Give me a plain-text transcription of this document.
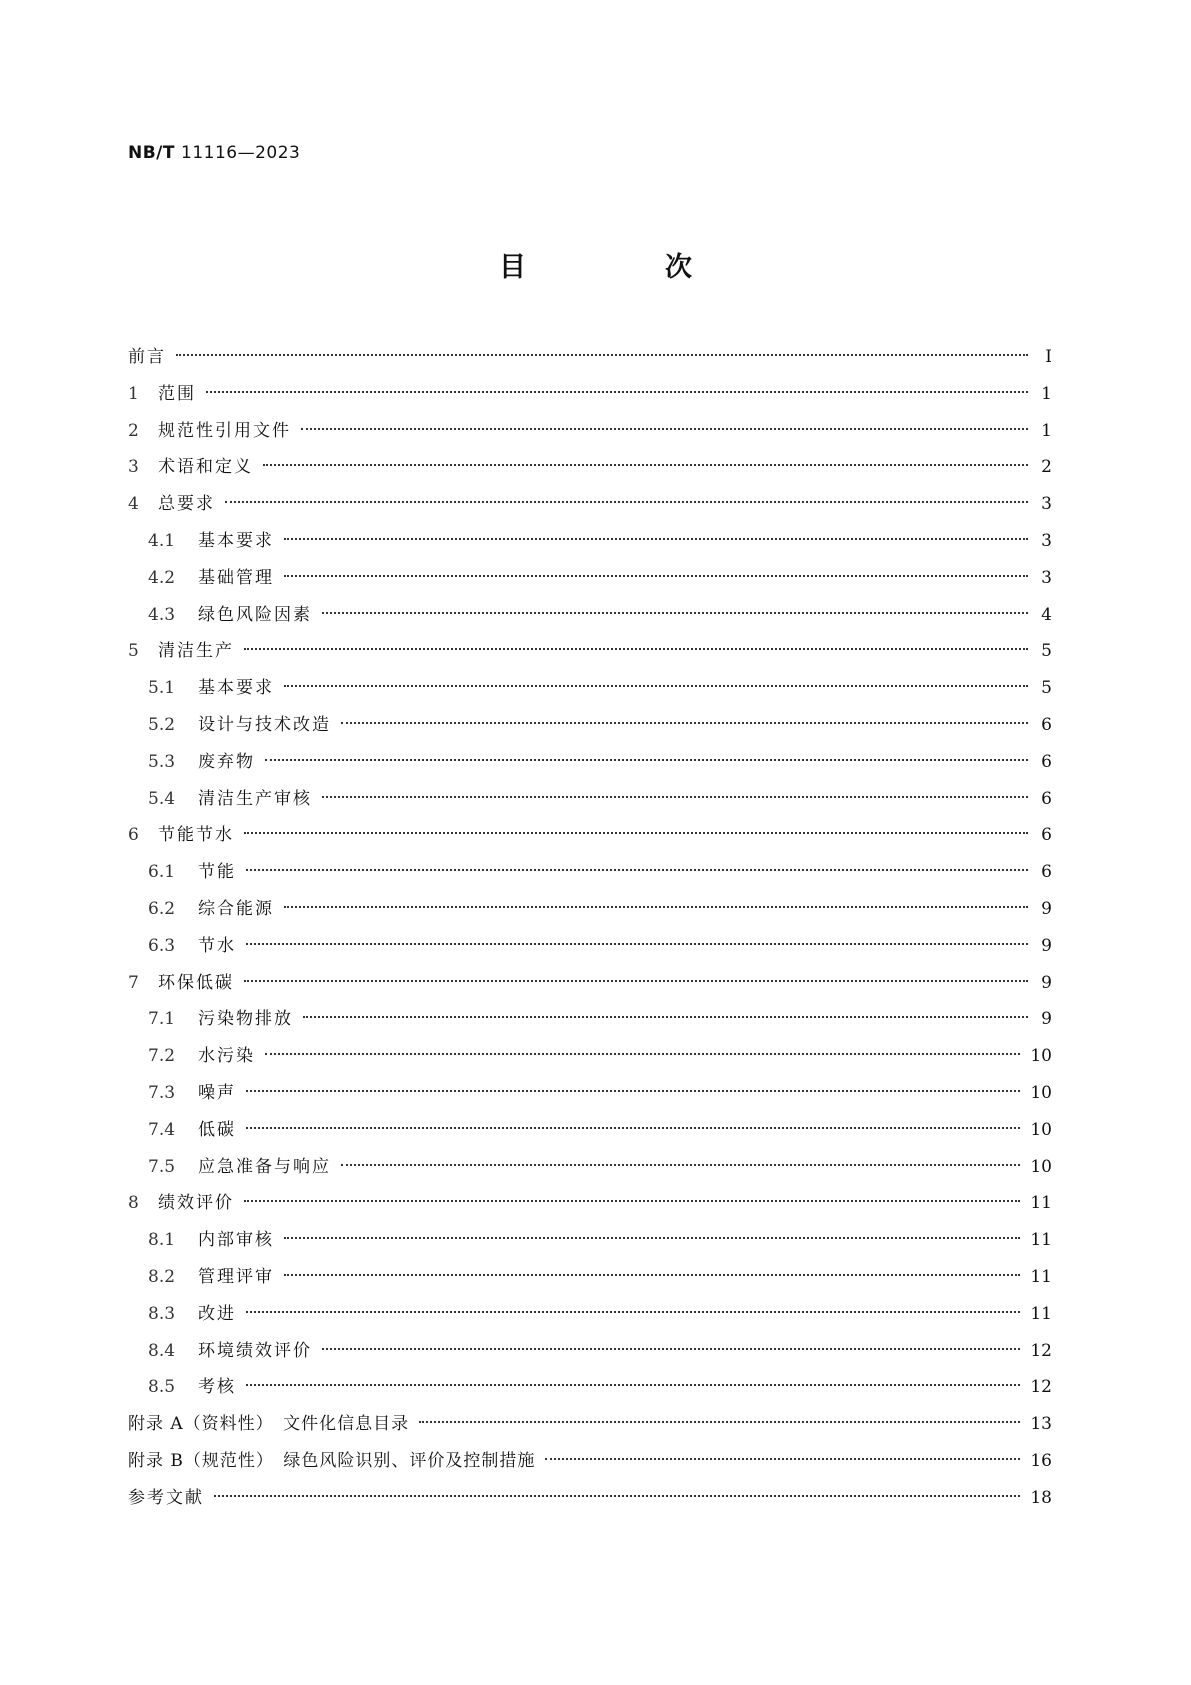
NB/T 11116—2023
目　次
前言	Ⅰ
1	范围	1
2	规范性引用文件	1
3	术语和定义	2
4	总要求	3
4.1	基本要求	3
4.2	基础管理	3
4.3	绿色风险因素	4
5	清洁生产	5
5.1	基本要求	5
5.2	设计与技术改造	6
5.3	废弃物	6
5.4	清洁生产审核	6
6	节能节水	6
6.1	节能	6
6.2	综合能源	9
6.3	节水	9
7	环保低碳	9
7.1	污染物排放	9
7.2	水污染	10
7.3	噪声	10
7.4	低碳	10
7.5	应急准备与响应	10
8	绩效评价	11
8.1	内部审核	11
8.2	管理评审	11
8.3	改进	11
8.4	环境绩效评价	12
8.5	考核	12
附录 A（资料性）　文件化信息目录	13
附录 B（规范性）　绿色风险识别、评价及控制措施	16
参考文献	18
